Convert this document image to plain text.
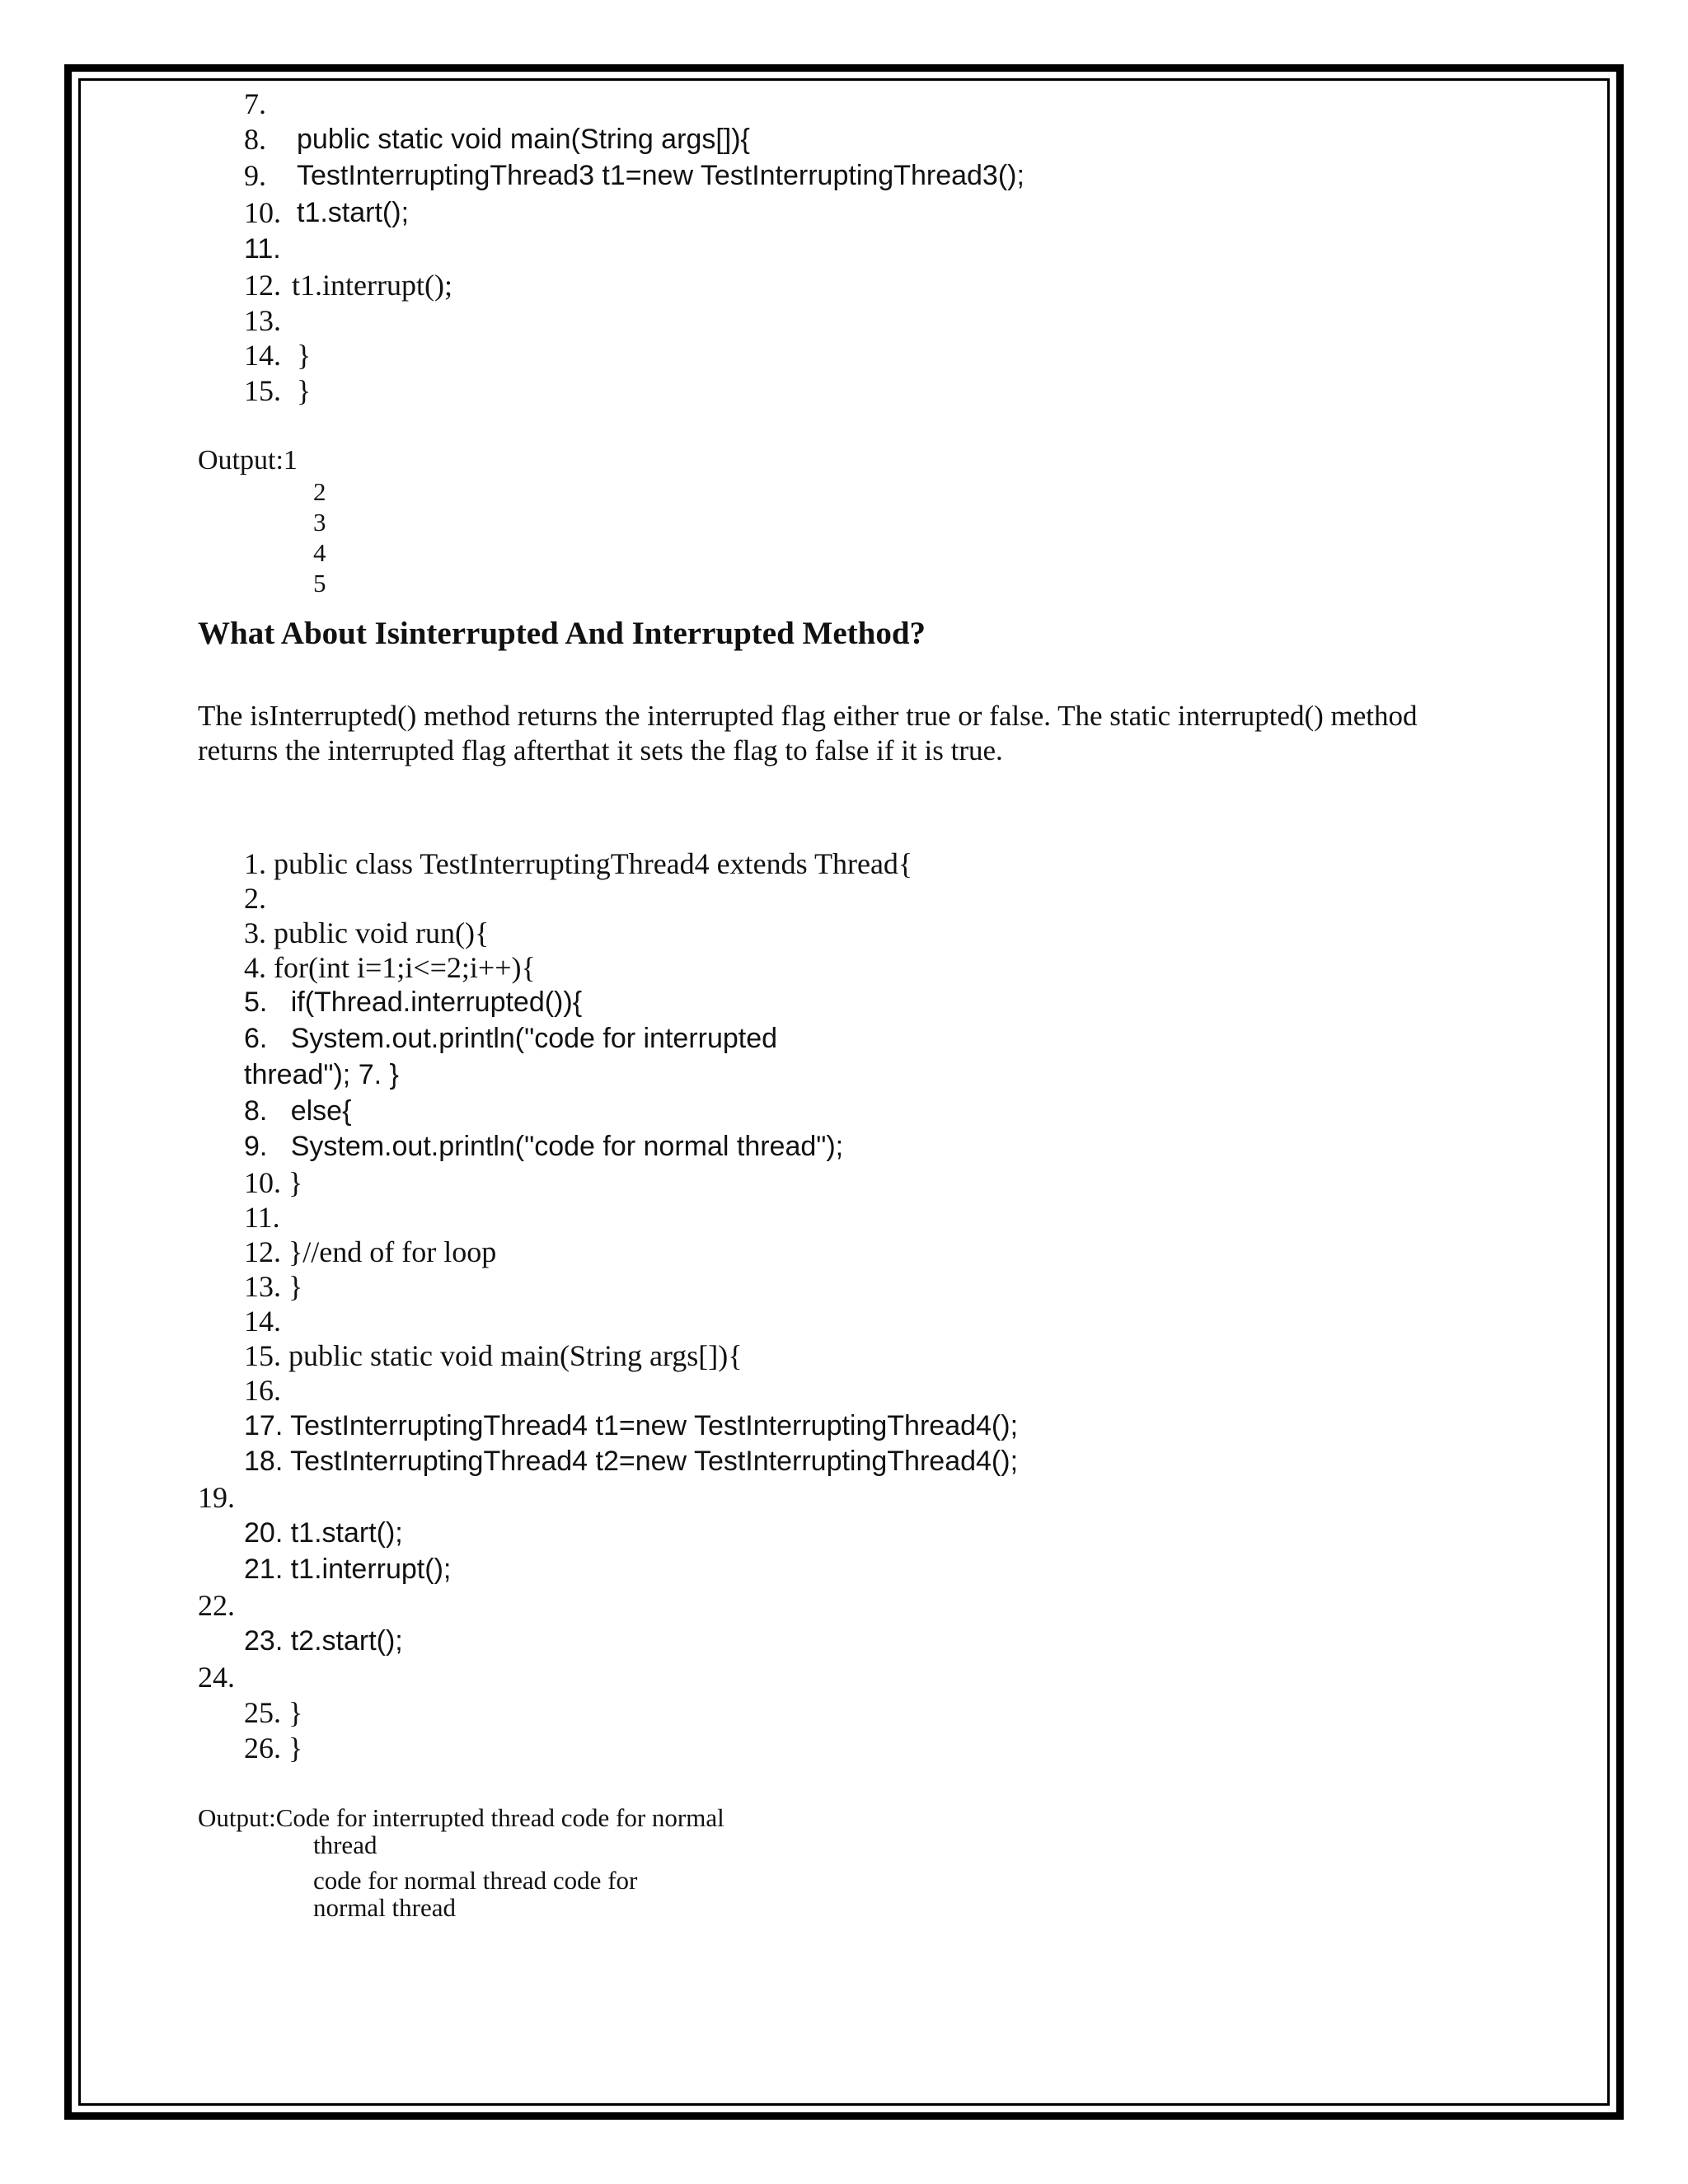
7.
8. public static void main(String args[]){
9. TestInterruptingThread3 t1=new TestInterruptingThread3();
10. t1.start();
11.
12. t1.interrupt();
13.
14. }
15. }
Output:1
2
3
4
5
What About Isinterrupted And Interrupted Method?

The isInterrupted() method returns the interrupted flag either true or false. The static interrupted() method

returns the interrupted flag afterthat it sets the flag to false if it is true.

1. public class TestInterruptingThread4 extends Thread{
2.
3. public void run(){
4. for(int i=1;i<=2;i++){
5.   if(Thread.interrupted()){
6.   System.out.println("code for interrupted
thread"); 7. }
8.   else{
9.   System.out.println("code for normal thread");
10. }
11.
12. }//end of for loop
13. }
14.
15. public static void main(String args[]){
16.
17. TestInterruptingThread4 t1=new TestInterruptingThread4();
18. TestInterruptingThread4 t2=new TestInterruptingThread4();
19.
20. t1.start();
21. t1.interrupt();
22.
23. t2.start();
24.
25. }
26. }
Output:Code for interrupted thread code for normal
thread
code for normal thread code for
normal thread
